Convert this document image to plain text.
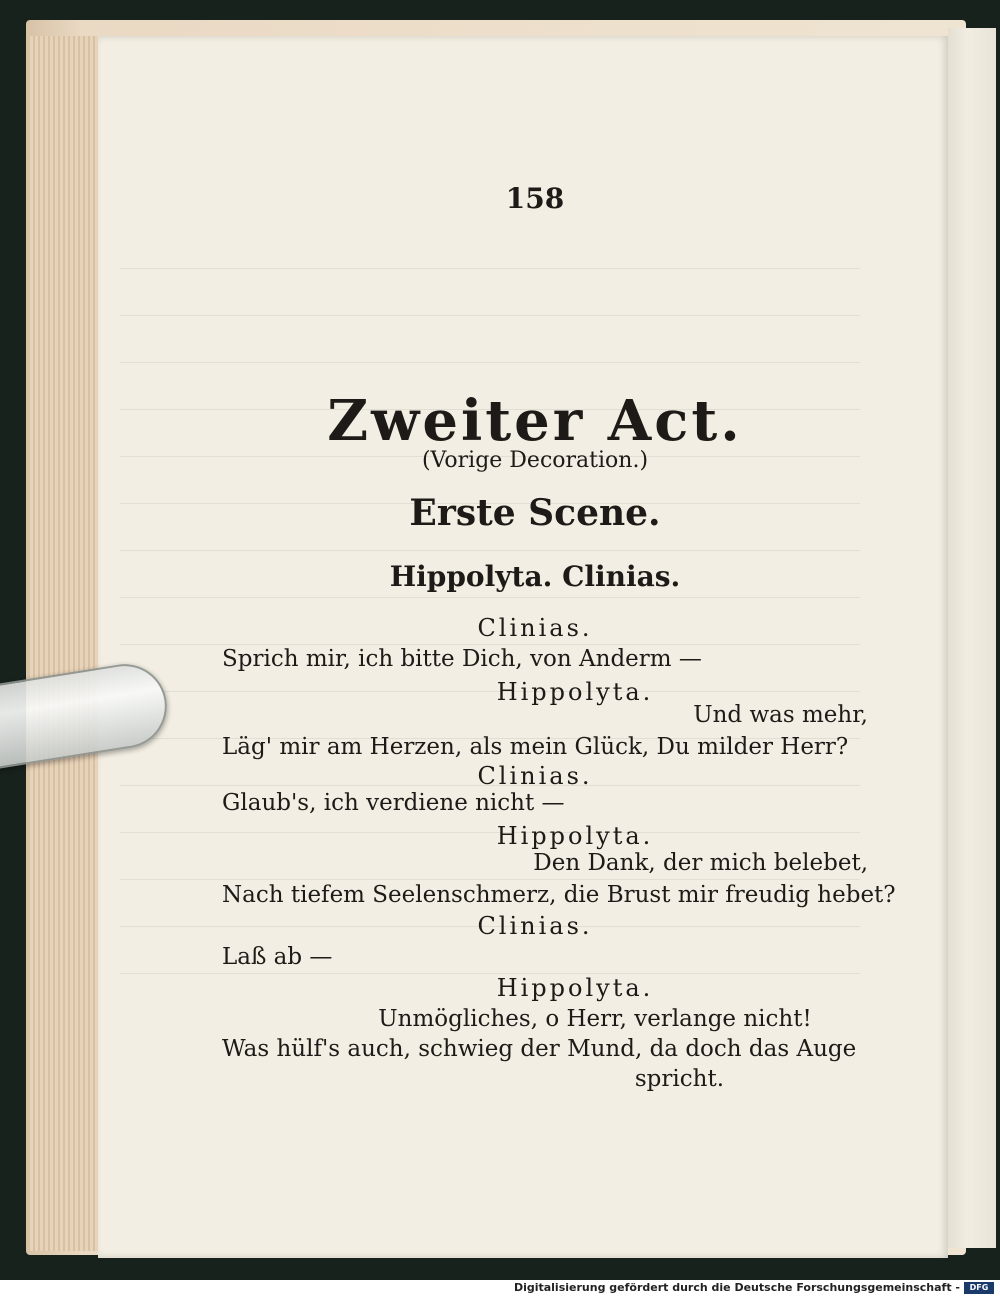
158
Zweiter Act.
(Vorige Decoration.)
Erste Scene.
Hippolyta. Clinias.
Clinias.
Sprich mir, ich bitte Dich, von Anderm —
Hippolyta.
Und was mehr,
Läg' mir am Herzen, als mein Glück, Du milder Herr?
Clinias.
Glaub's, ich verdiene nicht —
Hippolyta.
Den Dank, der mich belebet,
Nach tiefem Seelenschmerz, die Brust mir freudig hebet?
Clinias.
Laß ab —
Hippolyta.
Unmögliches, o Herr, verlange nicht!
Was hülf's auch, schwieg der Mund, da doch das Auge
spricht.
Digitalisierung gefördert durch die Deutsche Forschungsgemeinschaft -	DFG
